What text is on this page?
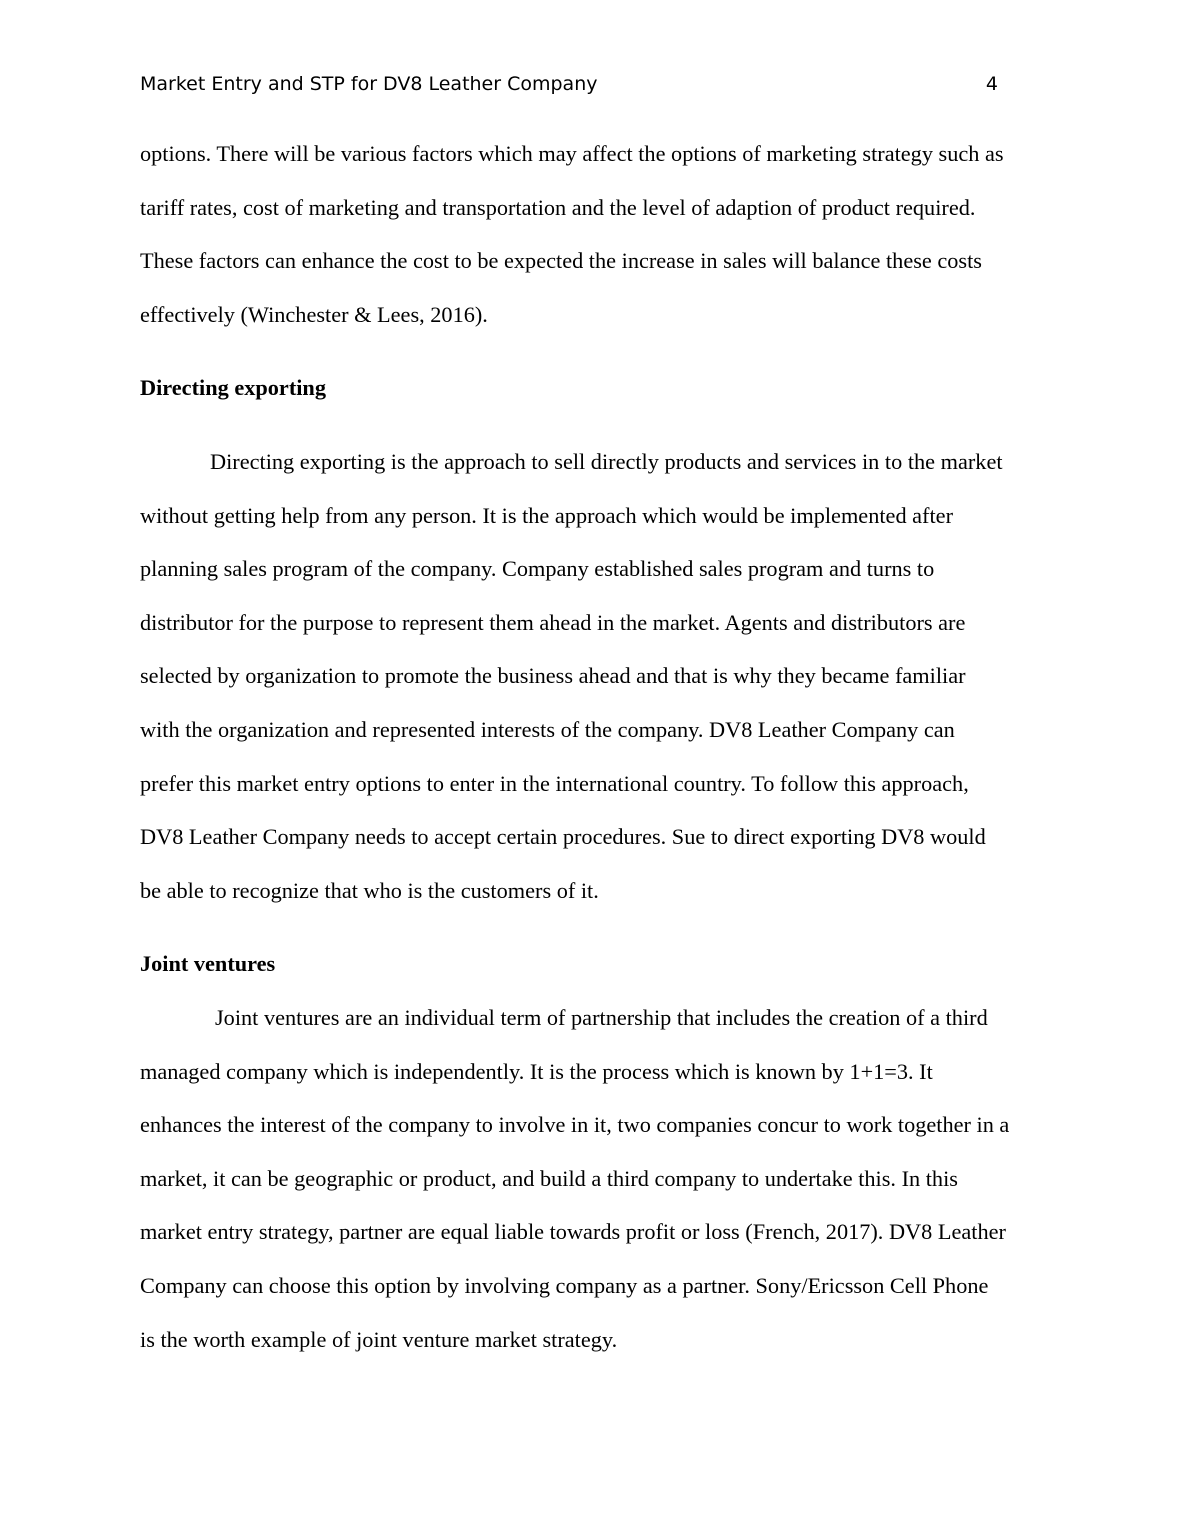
Market Entry and STP for DV8 Leather Company	4
options. There will be various factors which may affect the options of marketing strategy such as
tariff rates, cost of marketing and transportation and the level of adaption of product required.
These factors can enhance the cost to be expected the increase in sales will balance these costs
effectively (Winchester & Lees, 2016).
Directing exporting
Directing exporting is the approach to sell directly products and services in to the market
without getting help from any person. It is the approach which would be implemented after
planning sales program of the company. Company established sales program and turns to
distributor for the purpose to represent them ahead in the market. Agents and distributors are
selected by organization to promote the business ahead and that is why they became familiar
with the organization and represented interests of the company. DV8 Leather Company can
prefer this market entry options to enter in the international country. To follow this approach,
DV8 Leather Company needs to accept certain procedures. Sue to direct exporting DV8 would
be able to recognize that who is the customers of it.
Joint ventures
Joint ventures are an individual term of partnership that includes the creation of a third
managed company which is independently. It is the process which is known by 1+1=3. It
enhances the interest of the company to involve in it, two companies concur to work together in a
market, it can be geographic or product, and build a third company to undertake this. In this
market entry strategy, partner are equal liable towards profit or loss (French, 2017). DV8 Leather
Company can choose this option by involving company as a partner. Sony/Ericsson Cell Phone
is the worth example of joint venture market strategy.
